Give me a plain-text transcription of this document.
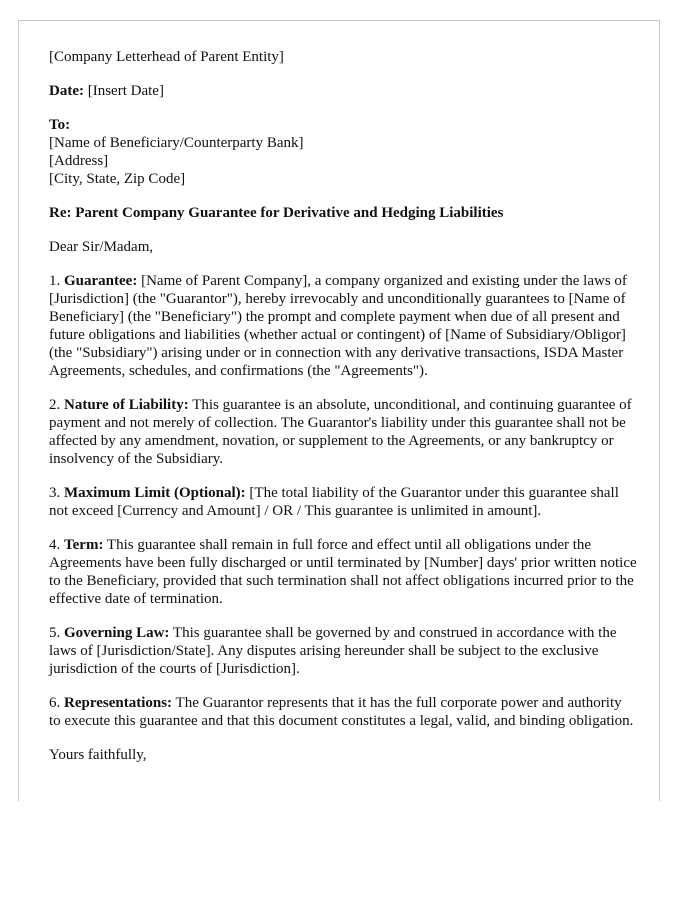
[Company Letterhead of Parent Entity]

Date: [Insert Date]

To:

[Name of Beneficiary/Counterparty Bank]

[Address]

[City, State, Zip Code]

Re: Parent Company Guarantee for Derivative and Hedging Liabilities

Dear Sir/Madam,

1. Guarantee: [Name of Parent Company], a company organized and existing under the laws of [Jurisdiction] (the "Guarantor"), hereby irrevocably and unconditionally guarantees to [Name of Beneficiary] (the "Beneficiary") the prompt and complete payment when due of all present and future obligations and liabilities (whether actual or contingent) of [Name of Subsidiary/Obligor] (the "Subsidiary") arising under or in connection with any derivative transactions, ISDA Master Agreements, schedules, and confirmations (the "Agreements").

2. Nature of Liability: This guarantee is an absolute, unconditional, and continuing guarantee of payment and not merely of collection. The Guarantor's liability under this guarantee shall not be affected by any amendment, novation, or supplement to the Agreements, or any bankruptcy or insolvency of the Subsidiary.

3. Maximum Limit (Optional): [The total liability of the Guarantor under this guarantee shall not exceed [Currency and Amount] / OR / This guarantee is unlimited in amount].

4. Term: This guarantee shall remain in full force and effect until all obligations under the Agreements have been fully discharged or until terminated by [Number] days' prior written notice to the Beneficiary, provided that such termination shall not affect obligations incurred prior to the effective date of termination.

5. Governing Law: This guarantee shall be governed by and construed in accordance with the laws of [Jurisdiction/State]. Any disputes arising hereunder shall be subject to the exclusive jurisdiction of the courts of [Jurisdiction].

6. Representations: The Guarantor represents that it has the full corporate power and authority to execute this guarantee and that this document constitutes a legal, valid, and binding obligation.

Yours faithfully,
